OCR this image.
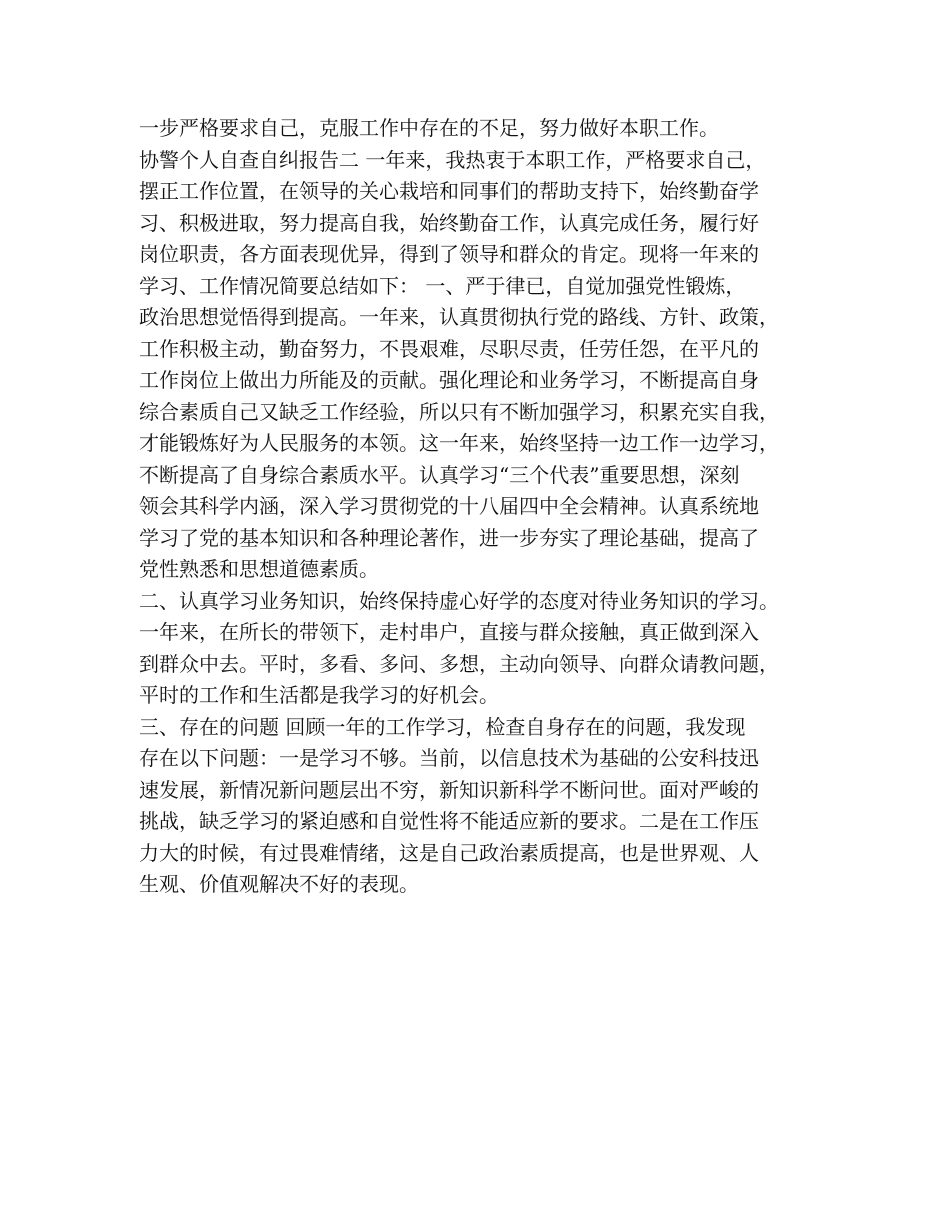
一步严格要求自己，克服工作中存在的不足，努力做好本职工作。
协警个人自查自纠报告二 一年来，我热衷于本职工作，严格要求自己，
摆正工作位置，在领导的关心栽培和同事们的帮助支持下，始终勤奋学
习、积极进取，努力提高自我，始终勤奋工作，认真完成任务，履行好
岗位职责，各方面表现优异，得到了领导和群众的肯定。现将一年来的
学习、工作情况简要总结如下： 一、严于律已，自觉加强党性锻炼，
政治思想觉悟得到提高。一年来，认真贯彻执行党的路线、方针、政策，
工作积极主动，勤奋努力，不畏艰难，尽职尽责，任劳任怨，在平凡的
工作岗位上做出力所能及的贡献。强化理论和业务学习，不断提高自身
综合素质自己又缺乏工作经验，所以只有不断加强学习，积累充实自我，
才能锻炼好为人民服务的本领。这一年来，始终坚持一边工作一边学习，
不断提高了自身综合素质水平。认真学习“三个代表”重要思想，深刻
领会其科学内涵，深入学习贯彻党的十八届四中全会精神。认真系统地
学习了党的基本知识和各种理论著作，进一步夯实了理论基础，提高了
党性熟悉和思想道德素质。
二、认真学习业务知识，始终保持虚心好学的态度对待业务知识的学习。
一年来，在所长的带领下，走村串户，直接与群众接触，真正做到深入
到群众中去。平时，多看、多问、多想，主动向领导、向群众请教问题，
平时的工作和生活都是我学习的好机会。
三、存在的问题 回顾一年的工作学习，检查自身存在的问题，我发现
存在以下问题：一是学习不够。当前，以信息技术为基础的公安科技迅
速发展，新情况新问题层出不穷，新知识新科学不断问世。面对严峻的
挑战，缺乏学习的紧迫感和自觉性将不能适应新的要求。二是在工作压
力大的时候，有过畏难情绪，这是自己政治素质提高，也是世界观、人
生观、价值观解决不好的表现。
